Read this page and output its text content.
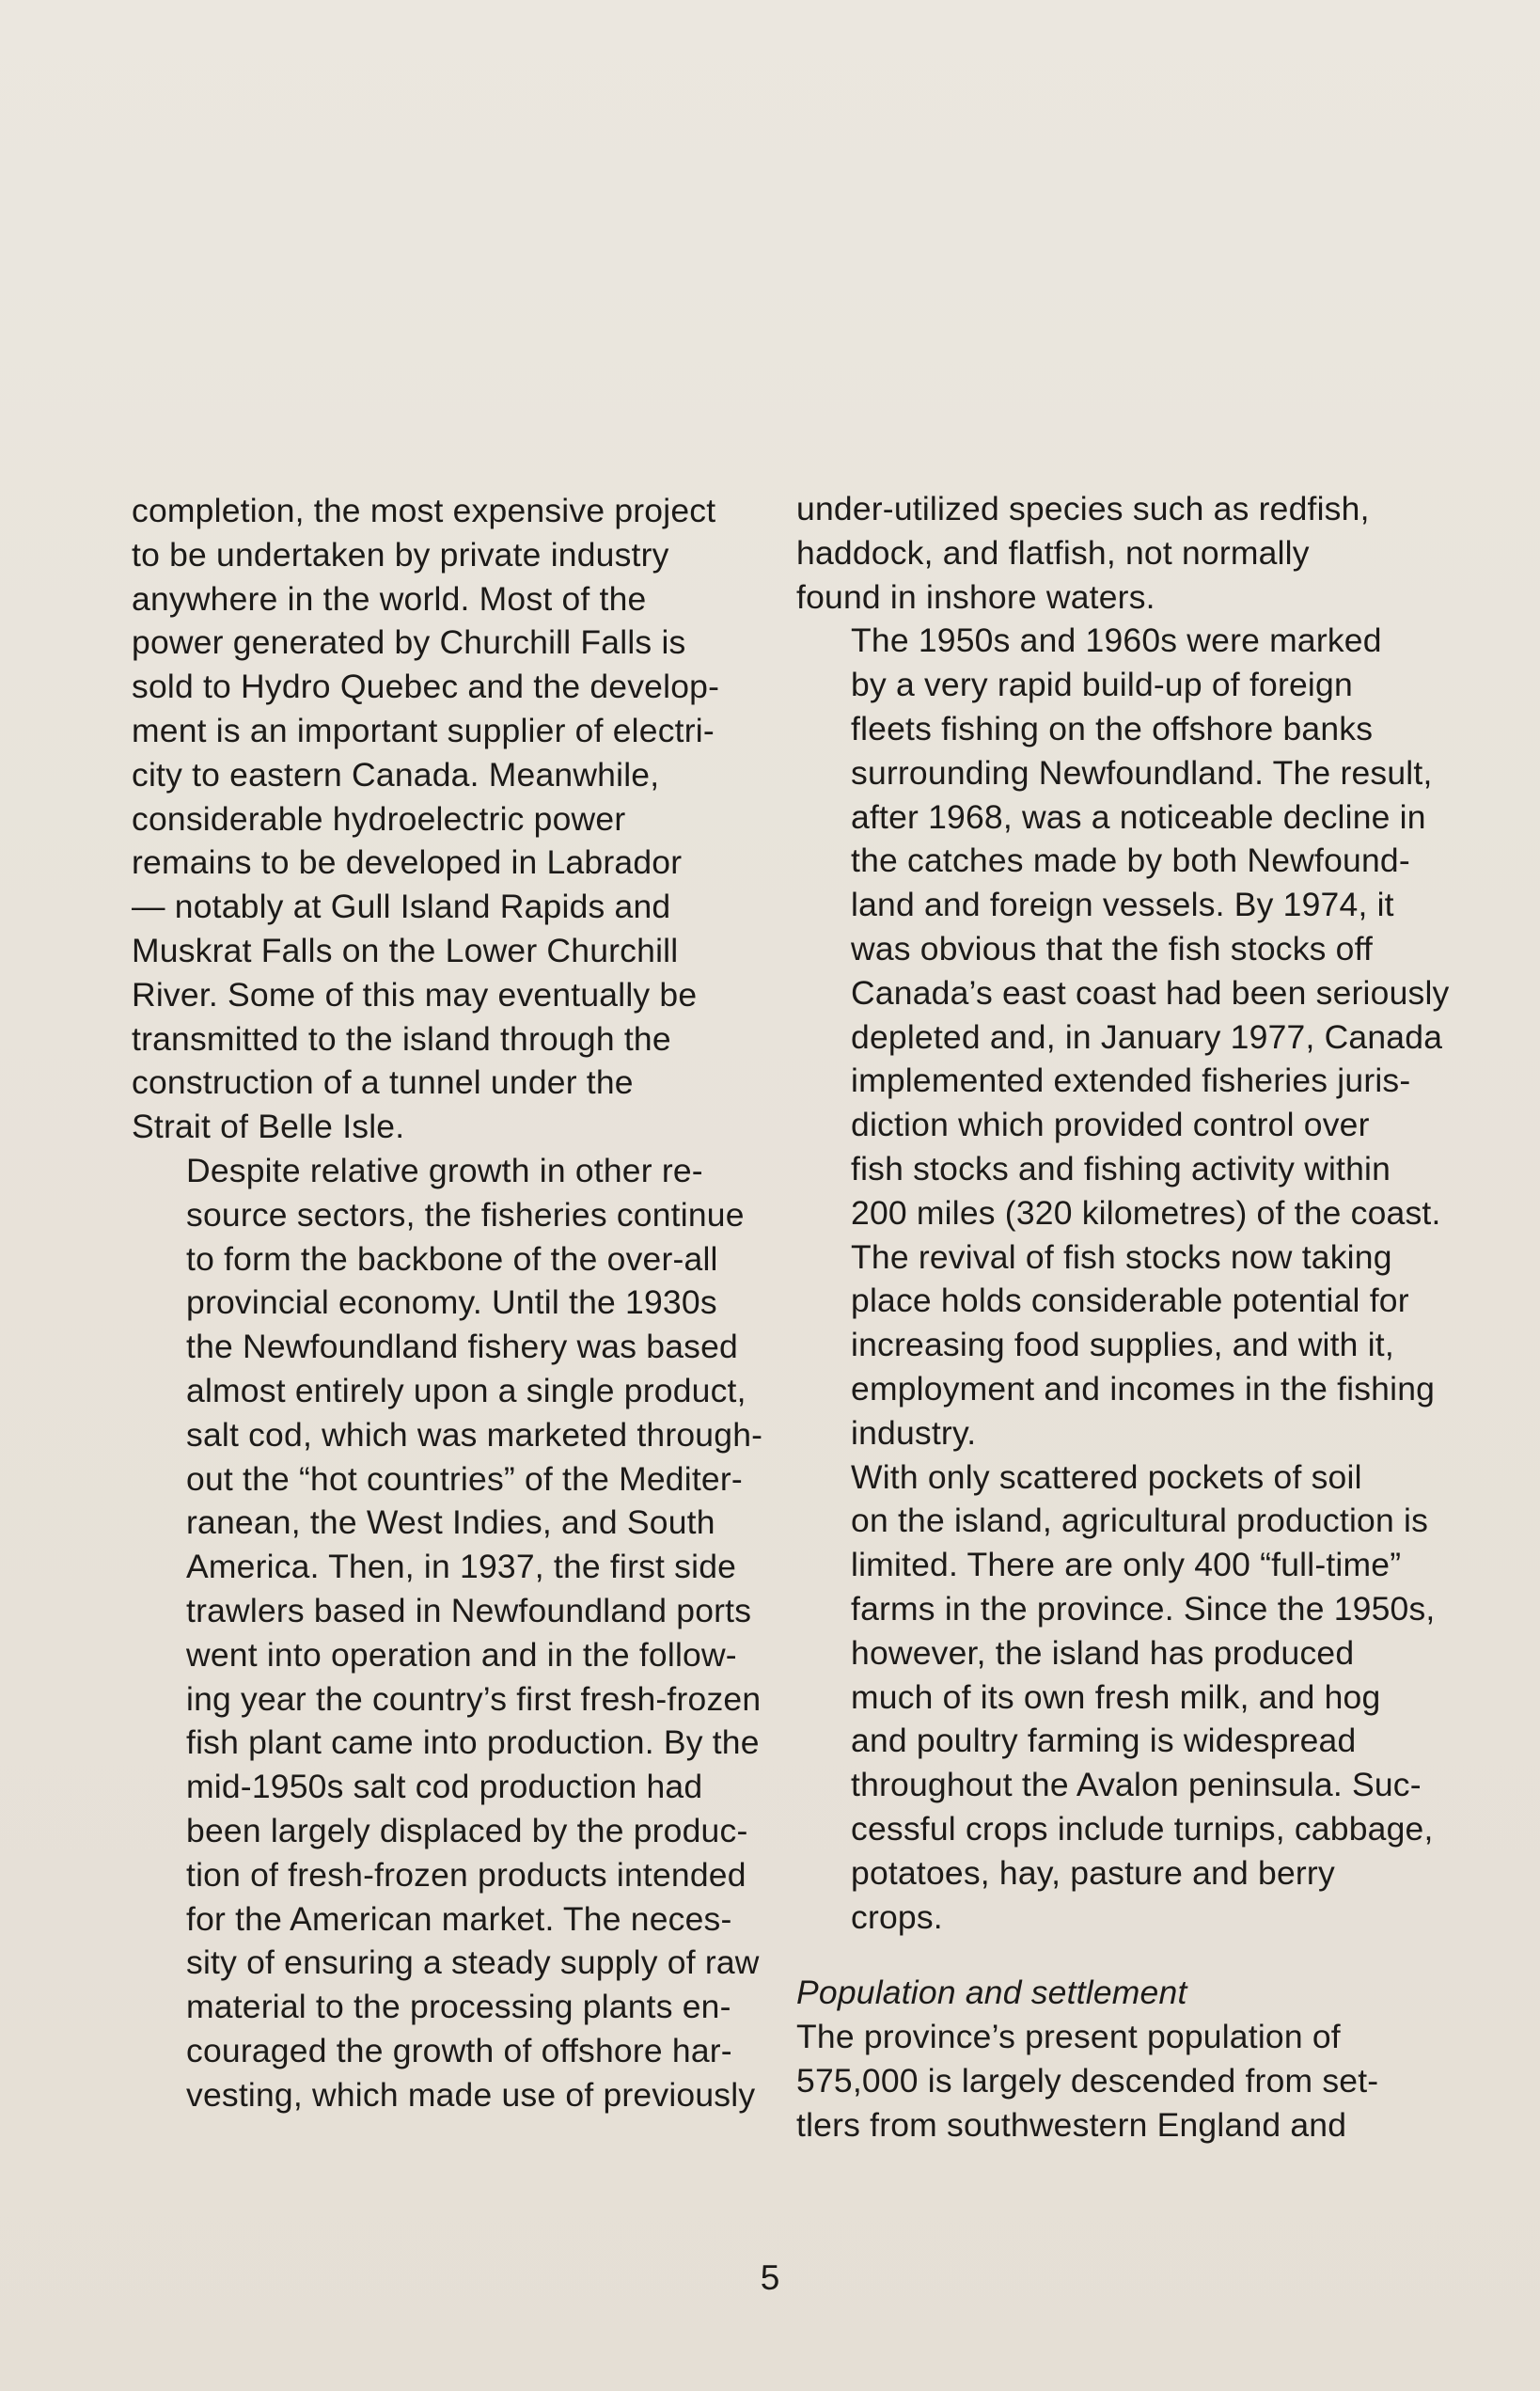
completion, the most expensive project
to be undertaken by private industry
anywhere in the world. Most of the
power generated by Churchill Falls is
sold to Hydro Quebec and the develop-
ment is an important supplier of electri-
city to eastern Canada. Meanwhile,
considerable hydroelectric power
remains to be developed in Labrador
— notably at Gull Island Rapids and
Muskrat Falls on the Lower Churchill
River. Some of this may eventually be
transmitted to the island through the
construction of a tunnel under the
Strait of Belle Isle.

Despite relative growth in other re-
source sectors, the fisheries continue
to form the backbone of the over-all
provincial economy. Until the 1930s
the Newfoundland fishery was based
almost entirely upon a single product,
salt cod, which was marketed through-
out the “hot countries” of the Mediter-
ranean, the West Indies, and South
America. Then, in 1937, the first side
trawlers based in Newfoundland ports
went into operation and in the follow-
ing year the country’s first fresh-frozen
fish plant came into production. By the
mid-1950s salt cod production had
been largely displaced by the produc-
tion of fresh-frozen products intended
for the American market. The neces-
sity of ensuring a steady supply of raw
material to the processing plants en-
couraged the growth of offshore har-
vesting, which made use of previously

under-utilized species such as redfish,
haddock, and flatfish, not normally
found in inshore waters.

The 1950s and 1960s were marked
by a very rapid build-up of foreign
fleets fishing on the offshore banks
surrounding Newfoundland. The result,
after 1968, was a noticeable decline in
the catches made by both Newfound-
land and foreign vessels. By 1974, it
was obvious that the fish stocks off
Canada’s east coast had been seriously
depleted and, in January 1977, Canada
implemented extended fisheries juris-
diction which provided control over
fish stocks and fishing activity within
200 miles (320 kilometres) of the coast.
The revival of fish stocks now taking
place holds considerable potential for
increasing food supplies, and with it,
employment and incomes in the fishing
industry.

With only scattered pockets of soil
on the island, agricultural production is
limited. There are only 400 “full-time”
farms in the province. Since the 1950s,
however, the island has produced
much of its own fresh milk, and hog
and poultry farming is widespread
throughout the Avalon peninsula. Suc-
cessful crops include turnips, cabbage,
potatoes, hay, pasture and berry
crops.

Population and settlement

The province’s present population of
575,000 is largely descended from set-
tlers from southwestern England and

5
